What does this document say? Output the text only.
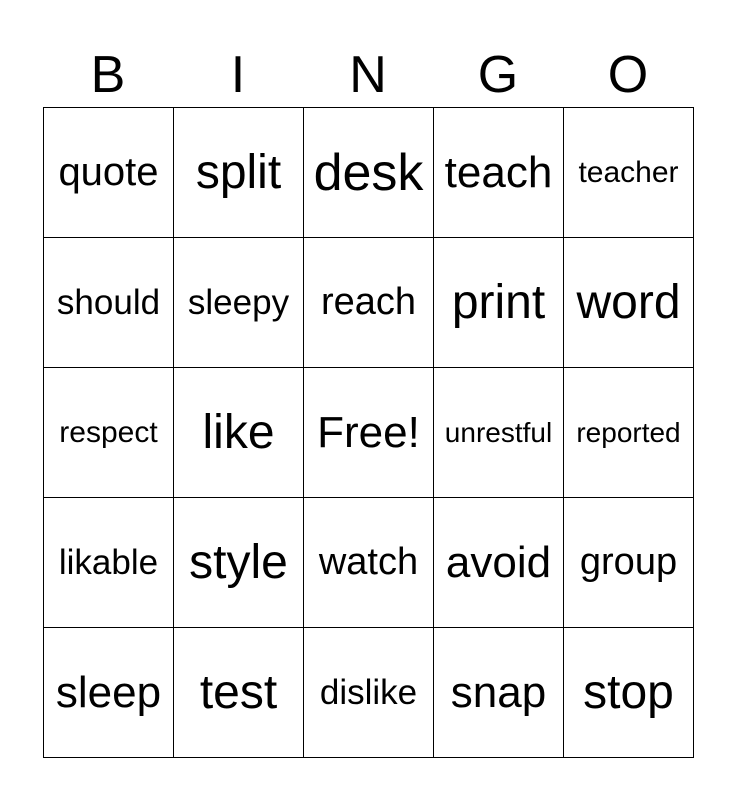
B	I	N	G	O
quote split desk teach teacher
should sleepy reach print word
respect like Free! unrestful reported
likable style watch avoid group
sleep test	dislike snap stop
